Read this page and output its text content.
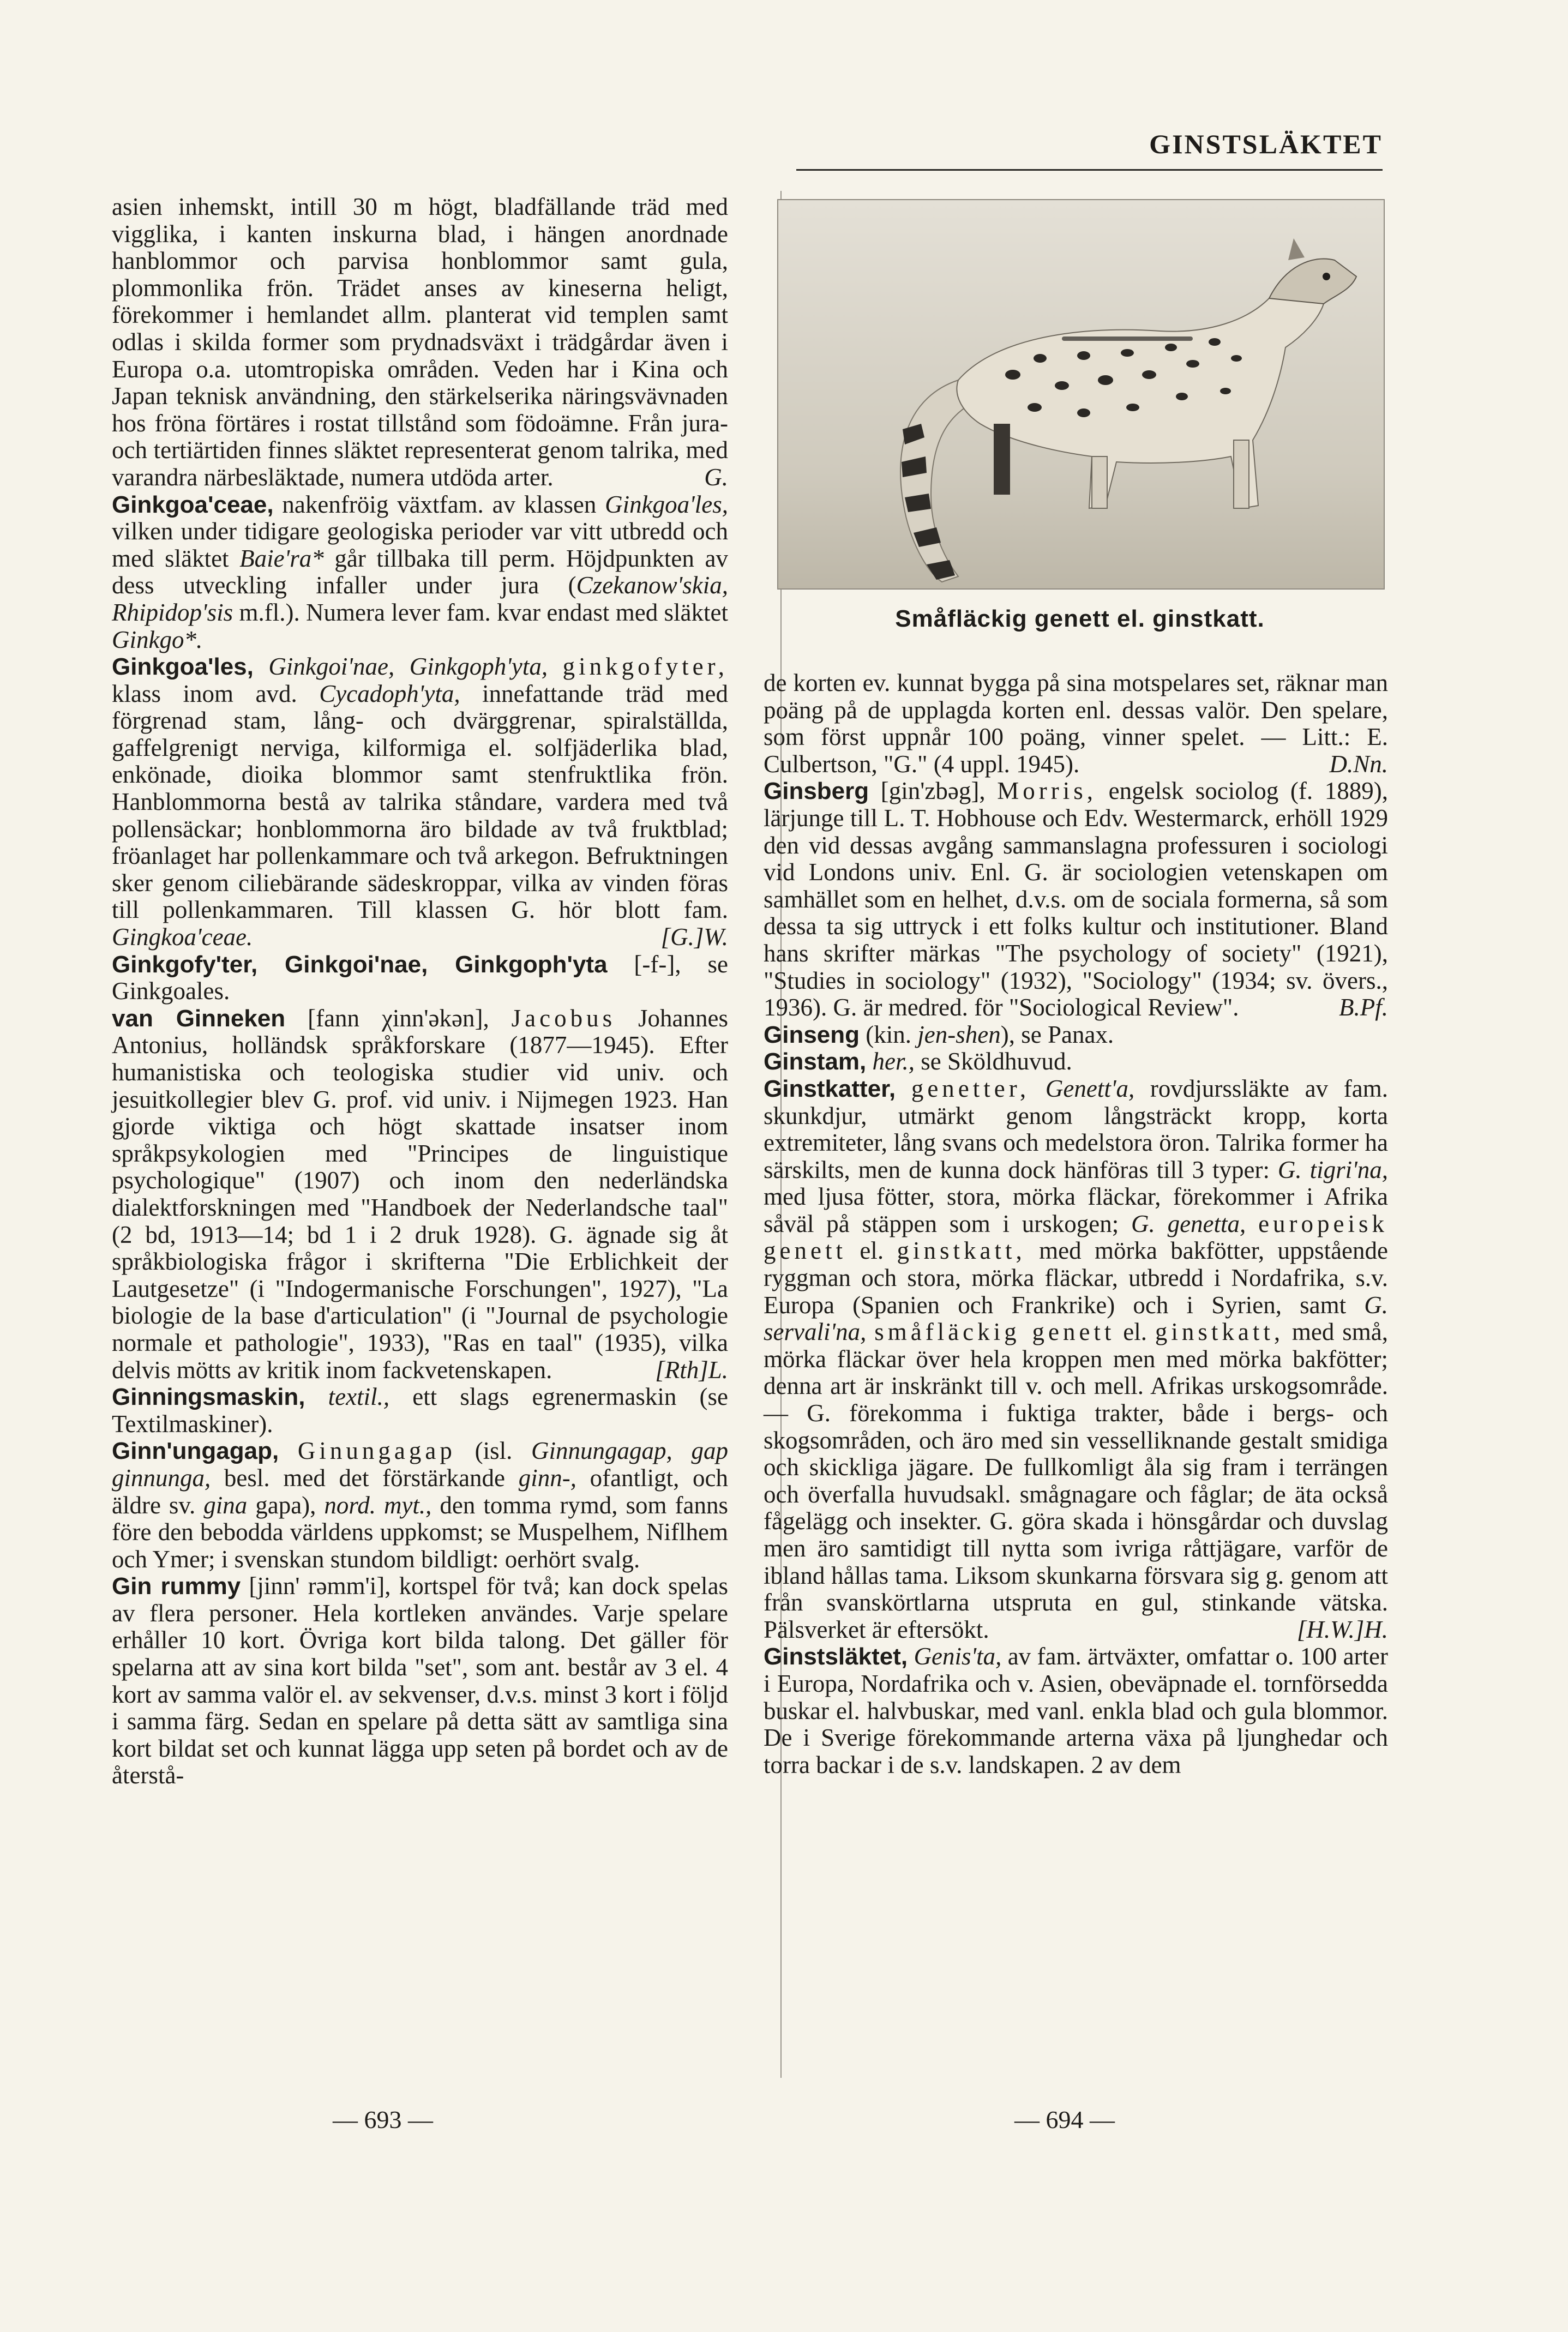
GINSTSLÄKTET

asien inhemskt, intill 30 m högt, bladfällande träd med vigglika, i kanten inskurna blad, i hängen anordnade hanblommor och parvisa honblommor samt gula, plommonlika frön. Trädet anses av kineserna heligt, förekommer i hemlandet allm. planterat vid templen samt odlas i skilda former som prydnadsväxt i trädgårdar även i Europa o.a. utomtropiska områden. Veden har i Kina och Japan teknisk användning, den stärkelserika näringsvävnaden hos fröna förtäres i rostat tillstånd som födoämne. Från jura- och tertiärtiden finnes släktet representerat genom talrika, med varandra närbesläktade, numera utdöda arter.	G.

Ginkgoa'ceae, nakenfröig växtfam. av klassen Ginkgoa'les, vilken under tidigare geologiska perioder var vitt utbredd och med släktet Baie'ra* går tillbaka till perm. Höjdpunkten av dess utveckling infaller under jura (Czekanow'skia, Rhipidop'sis m.fl.). Numera lever fam. kvar endast med släktet Ginkgo*.

Ginkgoa'les, Ginkgoi'nae, Ginkgoph'yta, ginkgofyter, klass inom avd. Cycadoph'yta, innefattande träd med förgrenad stam, lång- och dvärggrenar, spiralställda, gaffelgrenigt nerviga, kilformiga el. solfjäderlika blad, enkönade, dioika blommor samt stenfruktlika frön. Hanblommorna bestå av talrika ståndare, vardera med två pollensäckar; honblommorna äro bildade av två fruktblad; fröanlaget har pollenkammare och två arkegon. Befruktningen sker genom ciliebärande sädeskroppar, vilka av vinden föras till pollenkammaren. Till klassen G. hör blott fam. Gingkoa'ceae.	[G.]W.

Ginkgofy'ter, Ginkgoi'nae, Ginkgoph'yta [-f-], se Ginkgoales.

van Ginneken [fann χinn'əkən], Jacobus Johannes Antonius, holländsk språkforskare (1877—1945). Efter humanistiska och teologiska studier vid univ. och jesuitkollegier blev G. prof. vid univ. i Nijmegen 1923. Han gjorde viktiga och högt skattade insatser inom språkpsykologien med "Principes de linguistique psychologique" (1907) och inom den nederländska dialektforskningen med "Handboek der Nederlandsche taal" (2 bd, 1913—14; bd 1 i 2 druk 1928). G. ägnade sig åt språkbiologiska frågor i skrifterna "Die Erblichkeit der Lautgesetze" (i "Indogermanische Forschungen", 1927), "La biologie de la base d'articulation" (i "Journal de psychologie normale et pathologie", 1933), "Ras en taal" (1935), vilka delvis mötts av kritik inom fackvetenskapen.	[Rth]L.

Ginningsmaskin, textil., ett slags egrenermaskin (se Textilmaskiner).

Ginn'ungagap, Ginungagap (isl. Ginnungagap, gap ginnunga, besl. med det förstärkande ginn-, ofantligt, och äldre sv. gina gapa), nord. myt., den tomma rymd, som fanns före den bebodda världens uppkomst; se Muspelhem, Niflhem och Ymer; i svenskan stundom bildligt: oerhört svalg.

Gin rummy [jinn' rəmm'i], kortspel för två; kan dock spelas av flera personer. Hela kortleken användes. Varje spelare erhåller 10 kort. Övriga kort bilda talong. Det gäller för spelarna att av sina kort bilda "set", som ant. består av 3 el. 4 kort av samma valör el. av sekvenser, d.v.s. minst 3 kort i följd i samma färg. Sedan en spelare på detta sätt av samtliga sina kort bildat set och kunnat lägga upp seten på bordet och av de återstå-

Småfläckig genett el. ginstkatt.

de korten ev. kunnat bygga på sina motspelares set, räknar man poäng på de upplagda korten enl. dessas valör. Den spelare, som först uppnår 100 poäng, vinner spelet. — Litt.: E. Culbertson, "G." (4 uppl. 1945).	D.Nn.

Ginsberg [gin'zbəg], Morris, engelsk sociolog (f. 1889), lärjunge till L. T. Hobhouse och Edv. Westermarck, erhöll 1929 den vid dessas avgång sammanslagna professuren i sociologi vid Londons univ. Enl. G. är sociologien vetenskapen om samhället som en helhet, d.v.s. om de sociala formerna, så som dessa ta sig uttryck i ett folks kultur och institutioner. Bland hans skrifter märkas "The psychology of society" (1921), "Studies in sociology" (1932), "Sociology" (1934; sv. övers., 1936). G. är medred. för "Sociological Review".	B.Pf.

Ginseng (kin. jen-shen), se Panax.

Ginstam, her., se Sköldhuvud.

Ginstkatter, genetter, Genett'a, rovdjurssläkte av fam. skunkdjur, utmärkt genom långsträckt kropp, korta extremiteter, lång svans och medelstora öron. Talrika former ha särskilts, men de kunna dock hänföras till 3 typer: G. tigri'na, med ljusa fötter, stora, mörka fläckar, förekommer i Afrika såväl på stäppen som i urskogen; G. genetta, europeisk genett el. ginstkatt, med mörka bakfötter, uppstående ryggman och stora, mörka fläckar, utbredd i Nordafrika, s.v. Europa (Spanien och Frankrike) och i Syrien, samt G. servali'na, småfläckig genett el. ginstkatt, med små, mörka fläckar över hela kroppen men med mörka bakfötter; denna art är inskränkt till v. och mell. Afrikas urskogsområde. — G. förekomma i fuktiga trakter, både i bergs- och skogsområden, och äro med sin vesselliknande gestalt smidiga och skickliga jägare. De fullkomligt åla sig fram i terrängen och överfalla huvudsakl. smågnagare och fåglar; de äta också fågelägg och insekter. G. göra skada i hönsgårdar och duvslag men äro samtidigt till nytta som ivriga råttjägare, varför de ibland hållas tama. Liksom skunkarna försvara sig g. genom att från svanskörtlarna utspruta en gul, stinkande vätska. Pälsverket är eftersökt.	[H.W.]H.

Ginstsläktet, Genis'ta, av fam. ärtväxter, omfattar o. 100 arter i Europa, Nordafrika och v. Asien, obeväpnade el. tornförsedda buskar el. halvbuskar, med vanl. enkla blad och gula blommor. De i Sverige förekommande arterna växa på ljunghedar och torra backar i de s.v. landskapen. 2 av dem

— 693 —	— 694 —
